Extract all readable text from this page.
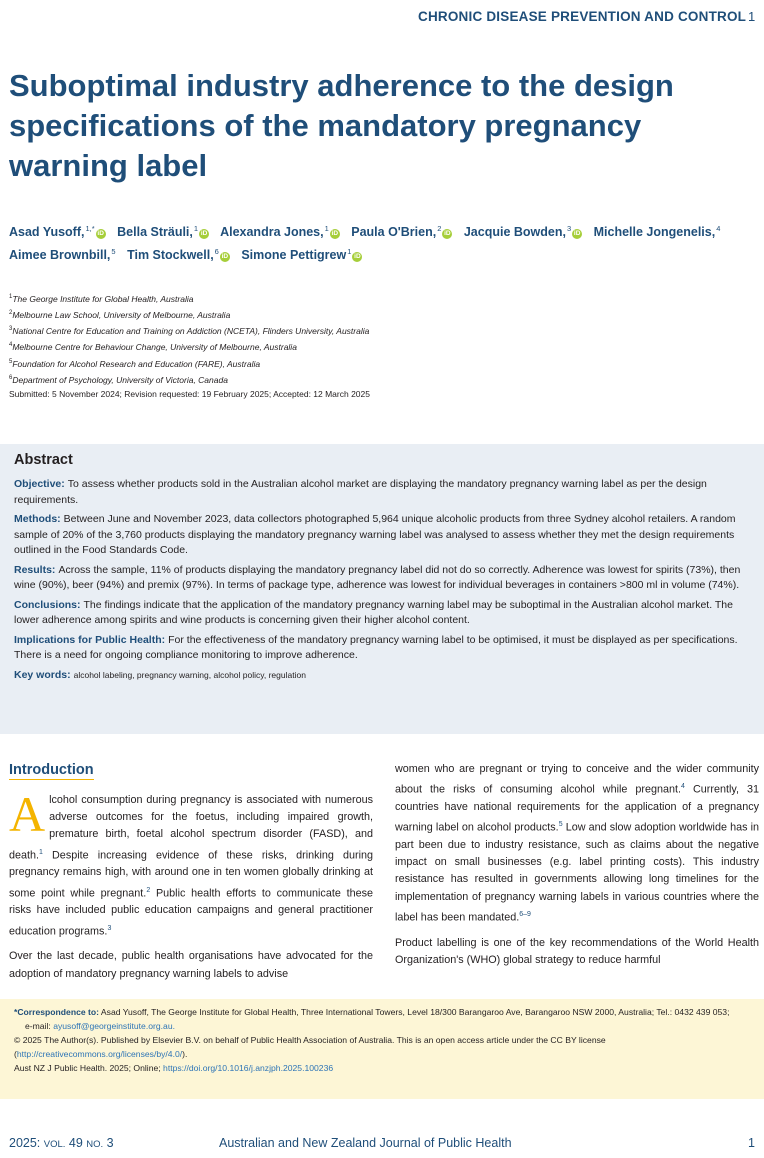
CHRONIC DISEASE PREVENTION AND CONTROL 1
Suboptimal industry adherence to the design specifications of the mandatory pregnancy warning label
Asad Yusoff,$^{1,*}$iD Bella Sträuli,$^1$iD Alexandra Jones,$^1$iD Paula O'Brien,$^2$iD Jacquie Bowden,$^3$iD Michelle Jongenelis,$^4$
Aimee Brownbill,$^5$ Tim Stockwell,$^6$iD Simone Pettigrew$^1$iD
$^1$The George Institute for Global Health, Australia
$^2$Melbourne Law School, University of Melbourne, Australia
$^3$National Centre for Education and Training on Addiction (NCETA), Flinders University, Australia
$^4$Melbourne Centre for Behaviour Change, University of Melbourne, Australia
$^5$Foundation for Alcohol Research and Education (FARE), Australia
$^6$Department of Psychology, University of Victoria, Canada
Submitted: 5 November 2024; Revision requested: 19 February 2025; Accepted: 12 March 2025
Abstract
Objective: To assess whether products sold in the Australian alcohol market are displaying the mandatory pregnancy warning label as per the design requirements.
Methods: Between June and November 2023, data collectors photographed 5,964 unique alcoholic products from three Sydney alcohol retailers. A random sample of 20% of the 3,760 products displaying the mandatory pregnancy warning label was analysed to assess whether they met the design requirements outlined in the Food Standards Code.
Results: Across the sample, 11% of products displaying the mandatory pregnancy label did not do so correctly. Adherence was lowest for spirits (73%), then wine (90%), beer (94%) and premix (97%). In terms of package type, adherence was lowest for individual beverages in containers >800 ml in volume (74%).
Conclusions: The findings indicate that the application of the mandatory pregnancy warning label may be suboptimal in the Australian alcohol market. The lower adherence among spirits and wine products is concerning given their higher alcohol content.
Implications for Public Health: For the effectiveness of the mandatory pregnancy warning label to be optimised, it must be displayed as per specifications. There is a need for ongoing compliance monitoring to improve adherence.
Key words: alcohol labeling, pregnancy warning, alcohol policy, regulation
Introduction

Alcohol consumption during pregnancy is associated with numerous adverse outcomes for the foetus, including impaired growth, premature birth, foetal alcohol spectrum disorder (FASD), and death.$^1$ Despite increasing evidence of these risks, drinking during pregnancy remains high, with around one in ten women globally drinking at some point while pregnant.$^2$ Public health efforts to communicate these risks have included public education campaigns and general practitioner education programs.$^3$

Over the last decade, public health organisations have advocated for the adoption of mandatory pregnancy warning labels to advise

women who are pregnant or trying to conceive and the wider community about the risks of consuming alcohol while pregnant.$^4$ Currently, 31 countries have national requirements for the application of a pregnancy warning label on alcohol products.$^5$ Low and slow adoption worldwide has in part been due to industry resistance, such as claims about the negative impact on small businesses (e.g. label printing costs). This industry resistance has resulted in governments allowing long timelines for the implementation of pregnancy warning labels in various countries where the label has been mandated.$^{6-9}$

Product labelling is one of the key recommendations of the World Health Organization's (WHO) global strategy to reduce harmful

*Correspondence to: Asad Yusoff, The George Institute for Global Health, Three International Towers, Level 18/300 Barangaroo Ave, Barangaroo NSW 2000, Australia; Tel.: 0432 439 053;
e-mail: ayusoff@georgeinstitute.org.au.
© 2025 The Author(s). Published by Elsevier B.V. on behalf of Public Health Association of Australia. This is an open access article under the CC BY license (http://creativecommons.org/licenses/by/4.0/).
Aust NZ J Public Health. 2025; Online; https://doi.org/10.1016/j.anzjph.2025.100236
2025: VOL. 49 NO. 3	Australian and New Zealand Journal of Public Health	1
